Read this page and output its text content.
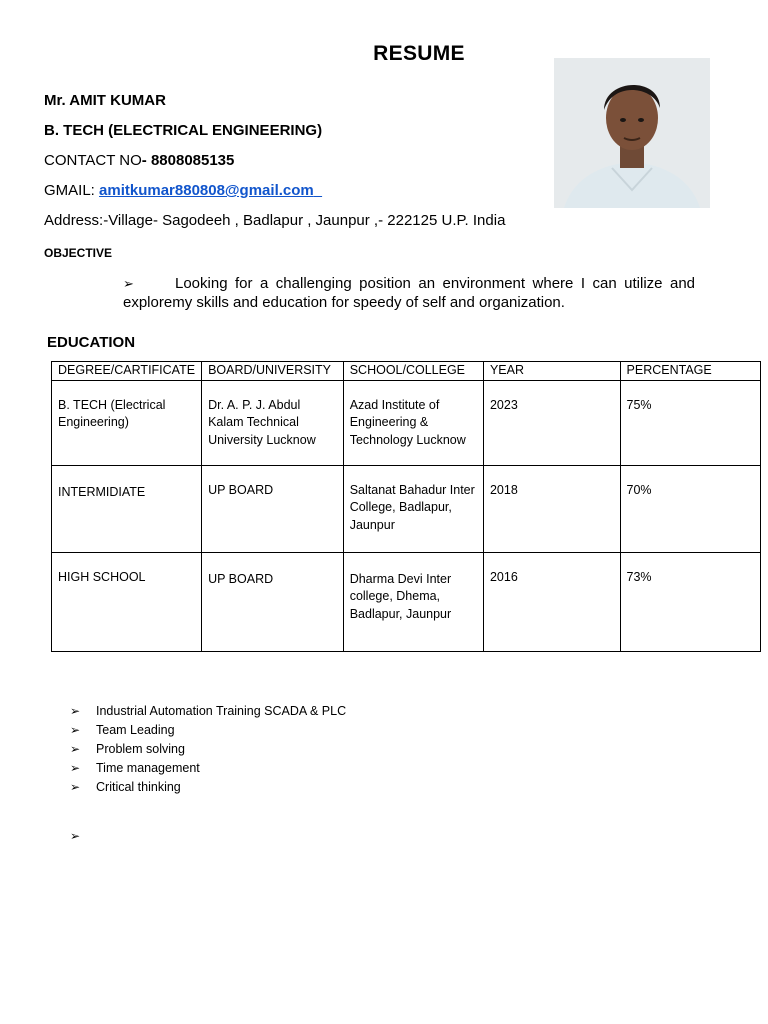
RESUME
Mr. AMIT KUMAR
B. TECH (ELECTRICAL ENGINEERING)
CONTACT NO- 8808085135
GMAIL: amitkumar880808@gmail.com
Address:-Village- Sagodeeh , Badlapur , Jaunpur ,- 222125 U.P. India
OBJECTIVE
➢	Looking for a challenging position an environment where I can utilize and exploremy skills and education for speedy of self and organization.
EDUCATION
DEGREE/CARTIFICATE	BOARD/UNIVERSITY	SCHOOL/COLLEGE	YEAR	PERCENTAGE
B. TECH (Electrical Engineering)	Dr. A. P. J. Abdul Kalam Technical University Lucknow	Azad Institute of Engineering & Technology Lucknow	2023	75%
INTERMIDIATE	UP BOARD	Saltanat Bahadur Inter College, Badlapur, Jaunpur	2018	70%
HIGH SCHOOL	UP BOARD	Dharma Devi Inter college, Dhema, Badlapur, Jaunpur	2016	73%
➢	Industrial Automation Training SCADA & PLC
➢	Team Leading
➢	Problem solving
➢	Time management
➢	Critical thinking
➢
